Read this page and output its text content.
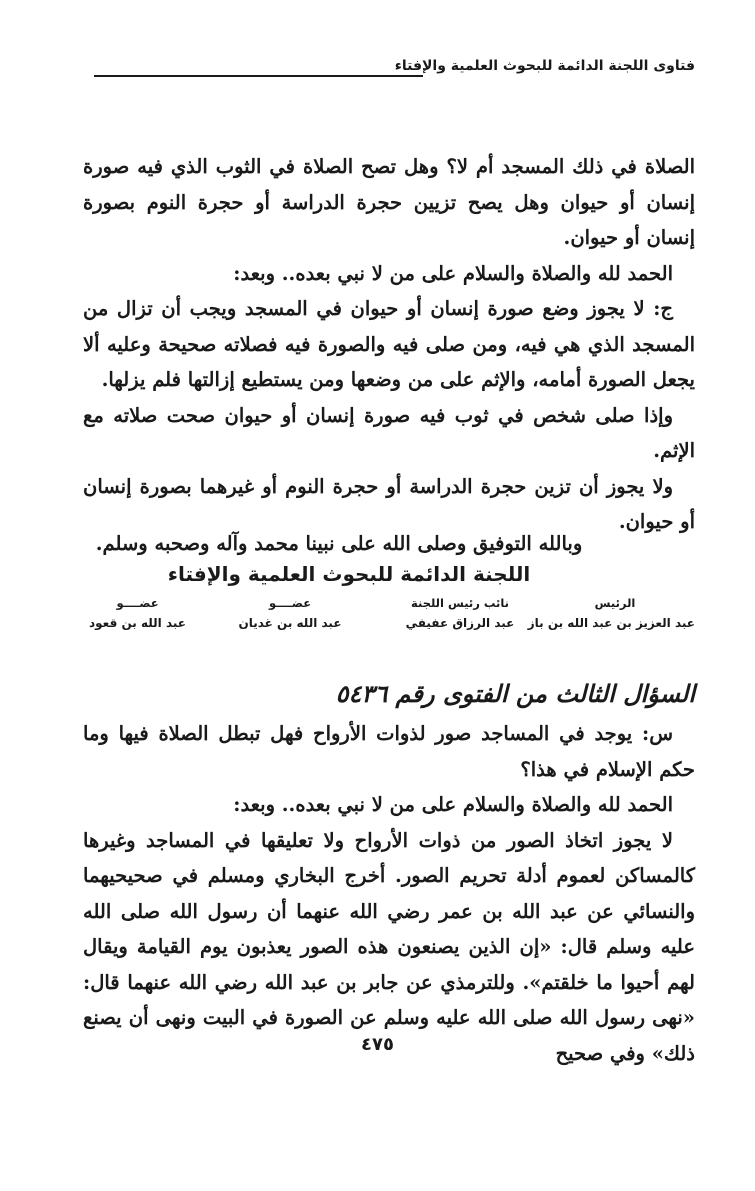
فتاوى اللجنة الدائمة للبحوث العلمية والإفتاء

الصلاة في ذلك المسجد أم لا؟ وهل تصح الصلاة في الثوب الذي فيه صورة إنسان أو حيوان وهل يصح تزيين حجرة الدراسة أو حجرة النوم بصورة إنسان أو حيوان.

الحمد لله والصلاة والسلام على من لا نبي بعده.. وبعد:

ج: لا يجوز وضع صورة إنسان أو حيوان في المسجد ويجب أن تزال من المسجد الذي هي فيه، ومن صلى فيه والصورة فيه فصلاته صحيحة وعليه ألا يجعل الصورة أمامه، والإثم على من وضعها ومن يستطيع إزالتها فلم يزلها.

وإذا صلى شخص في ثوب فيه صورة إنسان أو حيوان صحت صلاته مع الإثم.

ولا يجوز أن تزين حجرة الدراسة أو حجرة النوم أو غيرهما بصورة إنسان أو حيوان.

وبالله التوفيق وصلى الله على نبينا محمد وآله وصحبه وسلم.
اللجنة الدائمة للبحوث العلمية والإفتاء
الرئيس
عبد العزيز بن عبد الله بن باز
نائب رئيس اللجنة
عبد الرزاق عفيفي
عضــــو
عبد الله بن غديان
عضــــو
عبد الله بن قعود
السؤال الثالث من الفتوى رقم ٥٤٣٦

س: يوجد في المساجد صور لذوات الأرواح فهل تبطل الصلاة فيها وما حكم الإسلام في هذا؟

الحمد لله والصلاة والسلام على من لا نبي بعده.. وبعد:

لا يجوز اتخاذ الصور من ذوات الأرواح ولا تعليقها في المساجد وغيرها كالمساكن لعموم أدلة تحريم الصور. أخرج البخاري ومسلم في صحيحيهما والنسائي عن عبد الله بن عمر رضي الله عنهما أن رسول الله صلى الله عليه وسلم قال: «إن الذين يصنعون هذه الصور يعذبون يوم القيامة ويقال لهم أحيوا ما خلقتم». وللترمذي عن جابر بن عبد الله رضي الله عنهما قال: «نهى رسول الله صلى الله عليه وسلم عن الصورة في البيت ونهى أن يصنع ذلك» وفي صحيح

٤٧٥
